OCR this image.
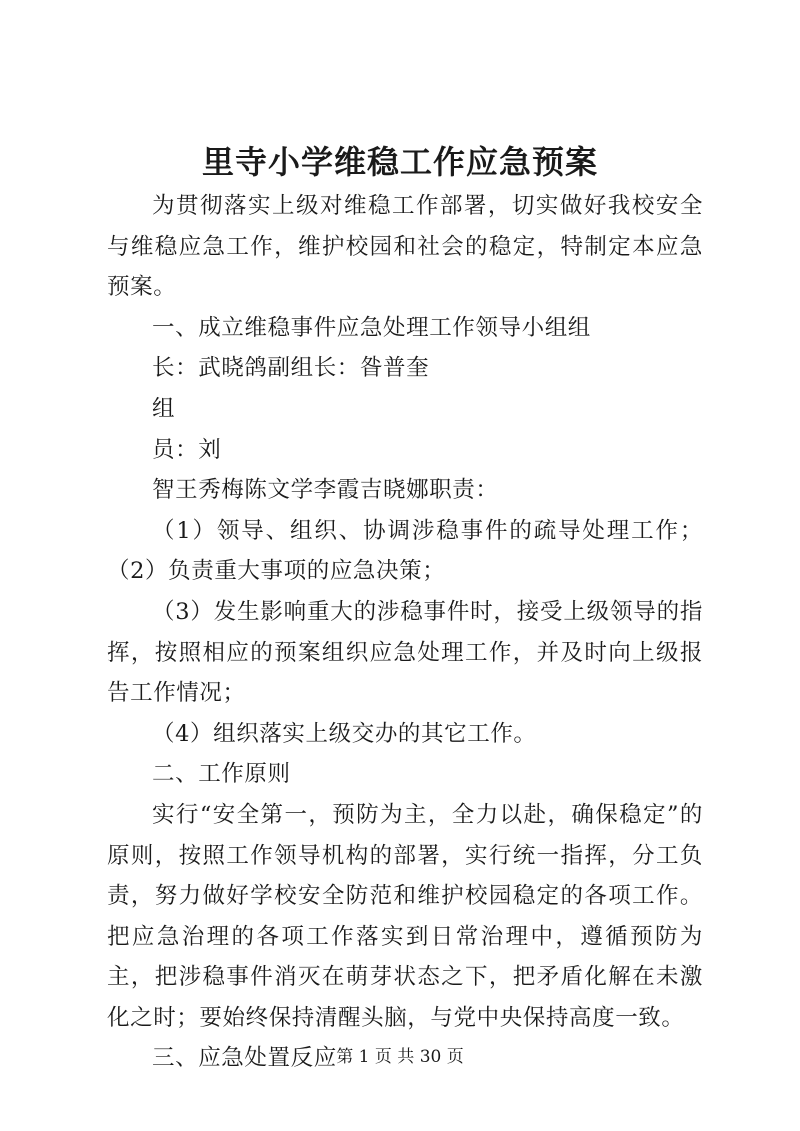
里寺小学维稳工作应急预案

为贯彻落实上级对维稳工作部署，切实做好我校安全与维稳应急工作，维护校园和社会的稳定，特制定本应急预案。

一、成立维稳事件应急处理工作领导小组组

长：武晓鸽副组长：昝普奎

组

员：刘

智王秀梅陈文学李霞吉晓娜职责：

（1）领导、组织、协调涉稳事件的疏导处理工作；（2）负责重大事项的应急决策；

（3）发生影响重大的涉稳事件时，接受上级领导的指挥，按照相应的预案组织应急处理工作，并及时向上级报告工作情况；

（4）组织落实上级交办的其它工作。

二、工作原则

实行“安全第一，预防为主，全力以赴，确保稳定”的原则，按照工作领导机构的部署，实行统一指挥，分工负责，努力做好学校安全防范和维护校园稳定的各项工作。把应急治理的各项工作落实到日常治理中，遵循预防为主，把涉稳事件消灭在萌芽状态之下，把矛盾化解在未激化之时；要始终保持清醒头脑，与党中央保持高度一致。

三、应急处置反应 第 1 页 共 30 页
